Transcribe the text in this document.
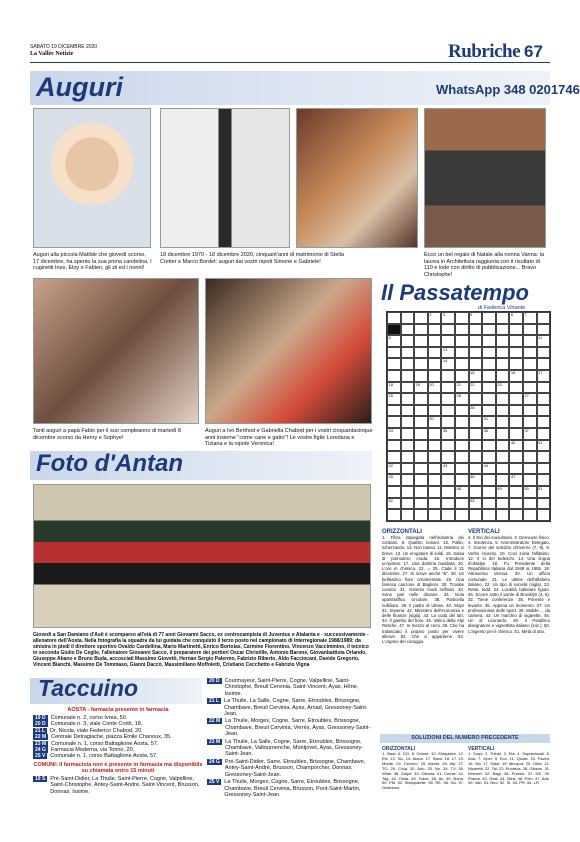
SABATO 19 DICEMBRE 2020
La Vallée Notizie	Rubriche 67
Auguri	WhatsApp 348 0201746
Auguri alla piccola Matilde che giovedì scorso, 17 dicembre, ha spento la sua prima candelina. I cuginetti Ines, Eloy e Fabien, gli zii ed i nonni!
18 dicembre 1970 - 18 dicembre 2020, cinquant'anni di matrimonio di Stella Cretier e Marco Bordet: auguri dai vostri nipoti Simone e Gabriele!
Ecco un bel regalo di Natale alla nonna Vanna: la laurea in Architettura raggiunta con il risultato di 110 e lode con diritto di pubblicazione... Bravo Christophe!
Tanti auguri a papà Fabio per il suo compleanno di martedì 8 dicembre scorso da Henry e Sophye!
Auguri a Ivo Berthod e Gabriella Chabod per i vostri cinquantacinque anni insieme "come cane e gatto"! Le vostre figlie Loredana e Tiziana e la nipote Veronica!
Il Passatempo
di Federica Vinante
2	3	5	6	7
8	11
13
14
15	16	17
18	19	20	21	22	23
25	26	27
28
30	31
34	35	36	37
40	41
42	43	44
45	46	47
48	49	50	51
52	53
ORIZZONTALI
1. Fibra impiegata nell'industria dei cordami. 8. Quattro romani. 12. Pallio, scherzando. 13. Non bassa. 11. Ministro in breve. 13. Un erogatore di soldi. 15. Salsa di pomodoro cruda. 16. Introduce un'ipotesi. 17. Una dottrina buddista. 20. L'oro in chimica. 22. = 25. Cade il 21 dicembre. 27. Si scrive anche "&". 28. Un bellissimo fiore ornamentale. 29. Una famosa canzone di Baglioni. 30. Trovate comica. 31. Ostento modi raffinati. 33. Sono pari nelle dimane. 34. Isola spartitraffico circolare. 38. Particella nobiliare. 39. Il padre di Ulisse. 40. Stop! 41. Imperia. 42. Ministero dell'economia e delle finanze (sigla). 43. La coda del tatì. 44. Il gambo del fiore. 45. Valico della Alpi Retiche. 47. In mezzo al cemi. 48. Che ha tralasciato il proprio posto per vivere altrove. 52. Che ci appartiene. 53. L'organo del coraggio.
VERTICALI
2. Il Dio dei musulmani. 3. Denvuvre fisico. 4. Insolenza. 5. Amministratore Delegato. 7. Giorno del solstizio d'inverno (7, 8). 9. Verbo cruento. 10. Così inizia l'alfabeto. 12. Il si del tedeschi. 14. Una lingua d'oltralpe. 18. Fu Presidente della Repubblica Italiana dal 1948 al 1955. 19. Attraversa Verona. 20. Un ufficio comunale. 21. Le ultime dell'alfabeto italiano. 22. Un tipo di società (sigla). 23. Rette, todd. 24. Località balneare ligure. 26. Scorre sotto il ponte di Brooklyn (4, 5). 32. Tiene conferenze. 35. Ponente e levante. 36. Appena un momento. 37. Un professionista delle sport. 39. Mobile ... da camera. 42. Un marchio di sigarette. 46. Un di Leonardo. 49. Il Paralitico disegnatore e vignettista italiano (iniz.). 50. L'argento per il chimico. 51. Metà di otto.
SOLUZIONI DEL NUMERO PRECEDENTE
ORIZZONTALI
1. Sisal. 6. DO. 8. Orione. 10. Ekspasen. 12. EN. 13. Sic. 14. Alano. 17. Siam. 18. LT. 19. Monte. 24. Cervino. 25. Alzant. 26. Alp. 27. TO. 29. Cicla. 30. Ado. 33. No. 34. TV. 35. Wide. 38. Golpe. 40. Ottuola. 41. Creole. 42. Tag. 43. Onda. 45. Tobra. 48. Itu. 49. Nona. 50. PM. 52. Stampatelle. 55. RE. 56. SA. 57. Onstrinus.
VERTICALI
1. Sorpi. 2. Trilobi. 3. Ela. 4. Supraviscali. 5. Ana. 7. Oper. 9. Eco. 11. Quota. 15. Faved. 16. Slo. 17. Sidar. 19. Micopra. 20. Olive. 21. Nicaretti. 22. Tal. 23. Enoteca. 28. Gibson. 31. Internet. 32. Bagi. 36. Frantor. 37. DE. 39. Prama. 40. Otall. 44. Sitra. 46. Polo. 47. Ade. 49. Van. 51. Neo. 52. SI. 53. PR. 54. LR.
Foto d'Antan
Giovedì a San Damiano d'Asti è scomparso all'età di 77 anni Giovanni Sacco, ex centrocampista di Juventus e Atalanta e - successivamente - allenatore dell'Aosta. Nella fotografia la squadra da lui guidata che conquistò il terzo posto nel campionato di Interregionale 1988/1989: da sinistra in piedi il direttore sportivo Ovaldo Cardellina, Mario Martinetti, Enrico Bortolas, Carmine Fiorentino, Vincenzo Vaccimmino, il tecnico in seconda Giulio De Ceglie, l'allenatore Giovanni Sacco, il preparatore dei portieri Oscar Christille, Antonio Barone, Giovanbattista Orlando, Giuseppe Abano e Bruno Buda, accosciati Massimo Giovetti, Hernan Sergio Palermo, Fabrizio Riberto, Aldo Facciocani, Davide Gregorio, Vincent Bianchi, Massimo De Tommaso, Gianni Daccò, Massimiliano Moffoletti, Cristiano Cecchetto e Fabrizio Vigna
Taccuino
AOSTA - farmacia presente in farmacia
19 D Comunale n. 2, corso Ivrea, 50.
20 D Comunale n. 3, viale Conte Crotti, 18.
21 L Dr. Nicola, viale Federico Chabod, 20.
22 M Centrale Detragiache, piazza Emile Chanoux, 35.
23 M Comunale n. 1, corso Battaglione Aosta, 57.
24 G Farmacia Moderna, via Torino, 20.
25 V Comunale n. 1, corso Battaglione Aosta, 57.
COMUNI: Il farmacista non è presente in farmacia ma disponibile su chiamata entro 15 minuti
19 S Pré-Saint-Didier, La Thuile, Saint-Pierre, Cogne, Valpelline, Saint-Christophe, Antey-Saint-André, Saint-Vincent, Brusson, Donnas, Issime.
20 D Courmayeur, Saint-Pierre, Cogne, Valpelline, Saint-Christophe, Breuil Cervinia, Saint-Vincent, Ayas, Hône, Issime.
21 L La Thuile, La Salle, Cogne, Sarre, Etroubles, Brissogne, Chambave, Breuil Cervinia, Ayas, Arnad, Gressoney-Saint-Jean.
22 M La Thuile, Morgex, Cogne, Sarre, Etroubles, Brissogne, Chambave, Breuil Cervinia, Verrès, Ayas, Gressoney-Saint-Jean.
23 M La Thuile, La Salle, Cogne, Sarre, Etroubles, Brissogne, Chambave, Valtournenche, Montjovet, Ayas, Gressoney-Saint-Jean.
24 G Pré-Saint-Didier, Sarre, Etroubles, Brissogne, Chambave, Antey-Saint-André, Brusson, Champorcher, Donnas, Gressoney-Saint-Jean.
25 V La Thuile, Morgex, Cogne, Sarre, Etroubles, Brissogne, Chambave, Breuil Cervinia, Brusson, Pont-Saint-Martin, Gressoney-Saint-Jean.
